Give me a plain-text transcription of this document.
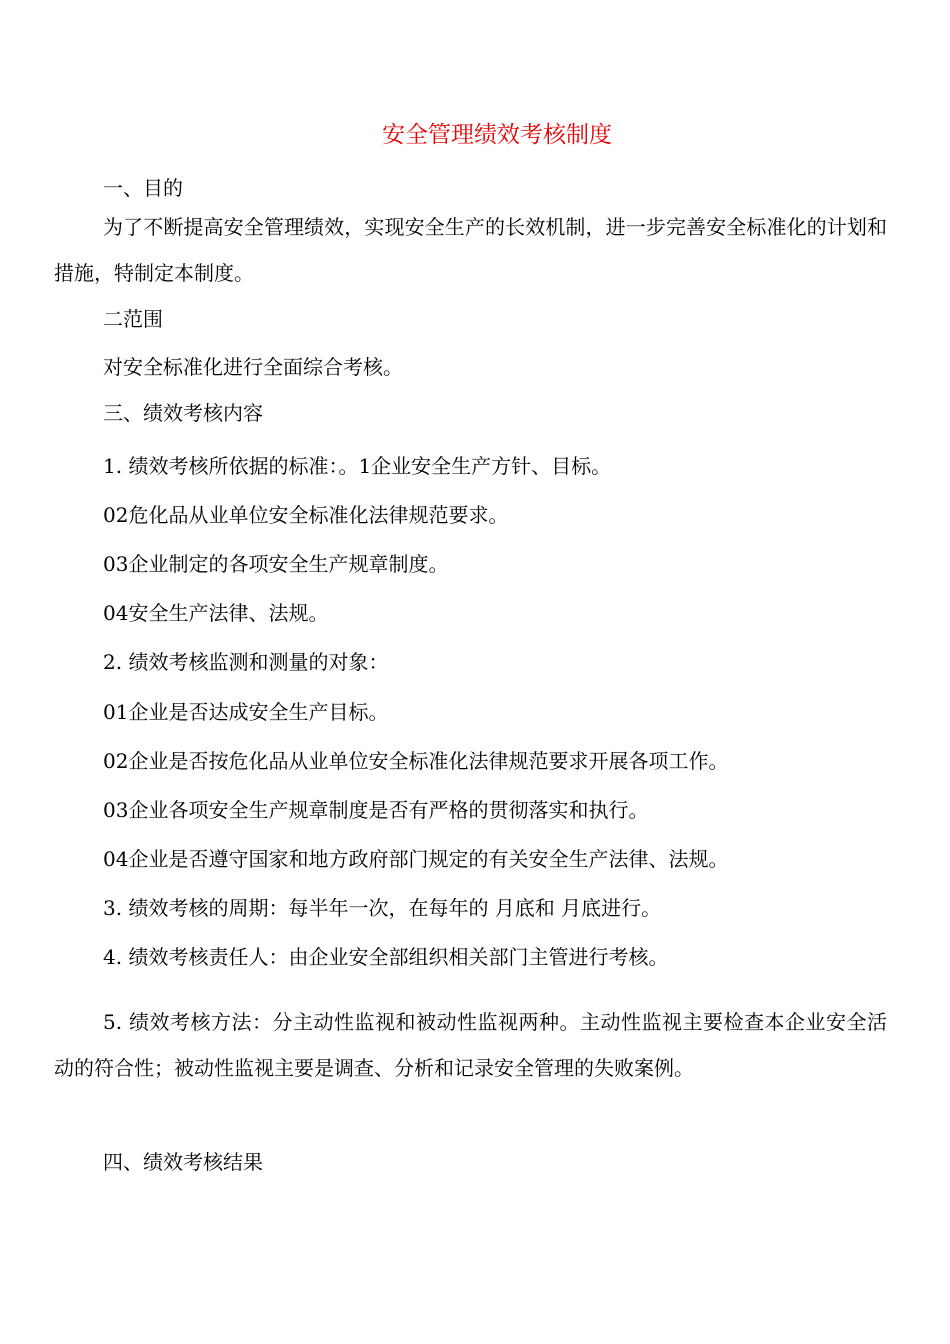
安全管理绩效考核制度
一、目的
为了不断提高安全管理绩效，实现安全生产的长效机制，进一步完善安全标准化的计划和措施，特制定本制度。
二范围
对安全标准化进行全面综合考核。
三、绩效考核内容
1. 绩效考核所依据的标准：。1企业安全生产方针、目标。
02危化品从业单位安全标准化法律规范要求。
03企业制定的各项安全生产规章制度。
04安全生产法律、法规。
2. 绩效考核监测和测量的对象：
01企业是否达成安全生产目标。
02企业是否按危化品从业单位安全标准化法律规范要求开展各项工作。
03企业各项安全生产规章制度是否有严格的贯彻落实和执行。
04企业是否遵守国家和地方政府部门规定的有关安全生产法律、法规。
3. 绩效考核的周期：每半年一次，在每年的 月底和 月底进行。
4. 绩效考核责任人：由企业安全部组织相关部门主管进行考核。
5. 绩效考核方法：分主动性监视和被动性监视两种。主动性监视主要检查本企业安全活动的符合性；被动性监视主要是调查、分析和记录安全管理的失败案例。
四、绩效考核结果
